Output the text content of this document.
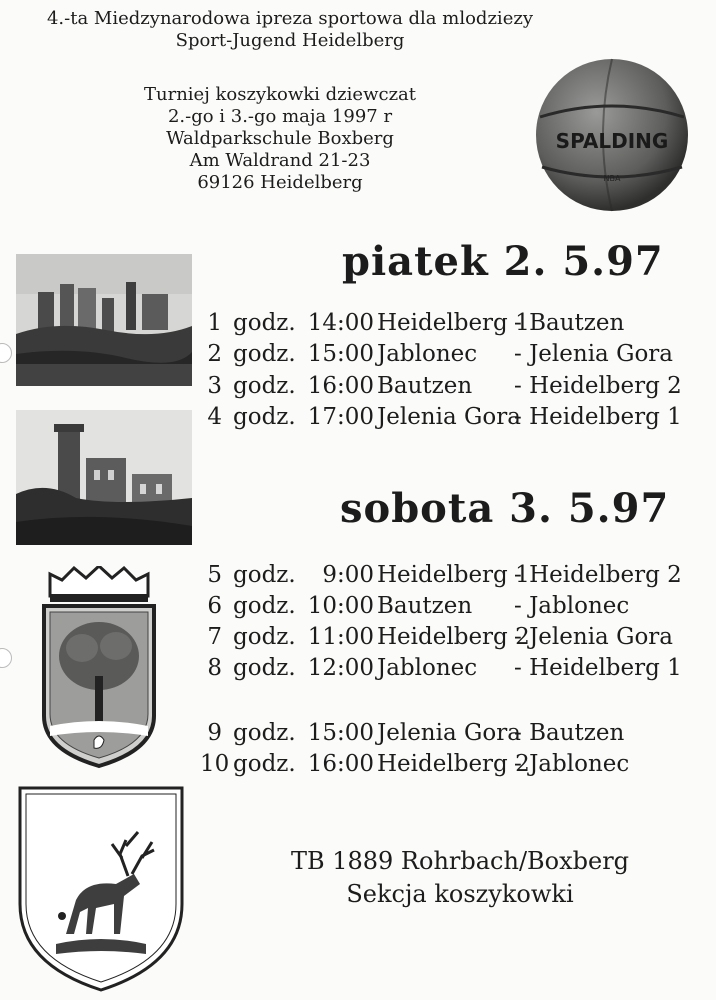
4.-ta Miedzynarodowa ipreza sportowa dla mlodziezy
Sport-Jugend Heidelberg
Turniej koszykowki dziewczat
2.-go i 3.-go maja 1997 r
Waldparkschule Boxberg
Am Waldrand 21-23
69126 Heidelberg
SPALDING
NBA
piatek 2. 5.97
sobota 3. 5.97
1 godz. 14:00 Heidelberg 1
- Bautzen
2 godz. 15:00 Jablonec - Jelenia Gora
3 godz. 16:00 Bautzen - Heidelberg 2
4 godz. 17:00 Jelenia Gora
- Heidelberg 1
5 godz.	9:00 Heidelberg 1
- Heidelberg 2
6 godz. 10:00 Bautzen - Jablonec
7 godz. 11:00 Heidelberg 2
- Jelenia Gora
8 godz. 12:00 Jablonec - Heidelberg 1
9 godz. 15:00 Jelenia Gora
- Bautzen
10 godz. 16:00 Heidelberg 2
- Jablonec
TB 1889 Rohrbach/Boxberg
Sekcja koszykowki
